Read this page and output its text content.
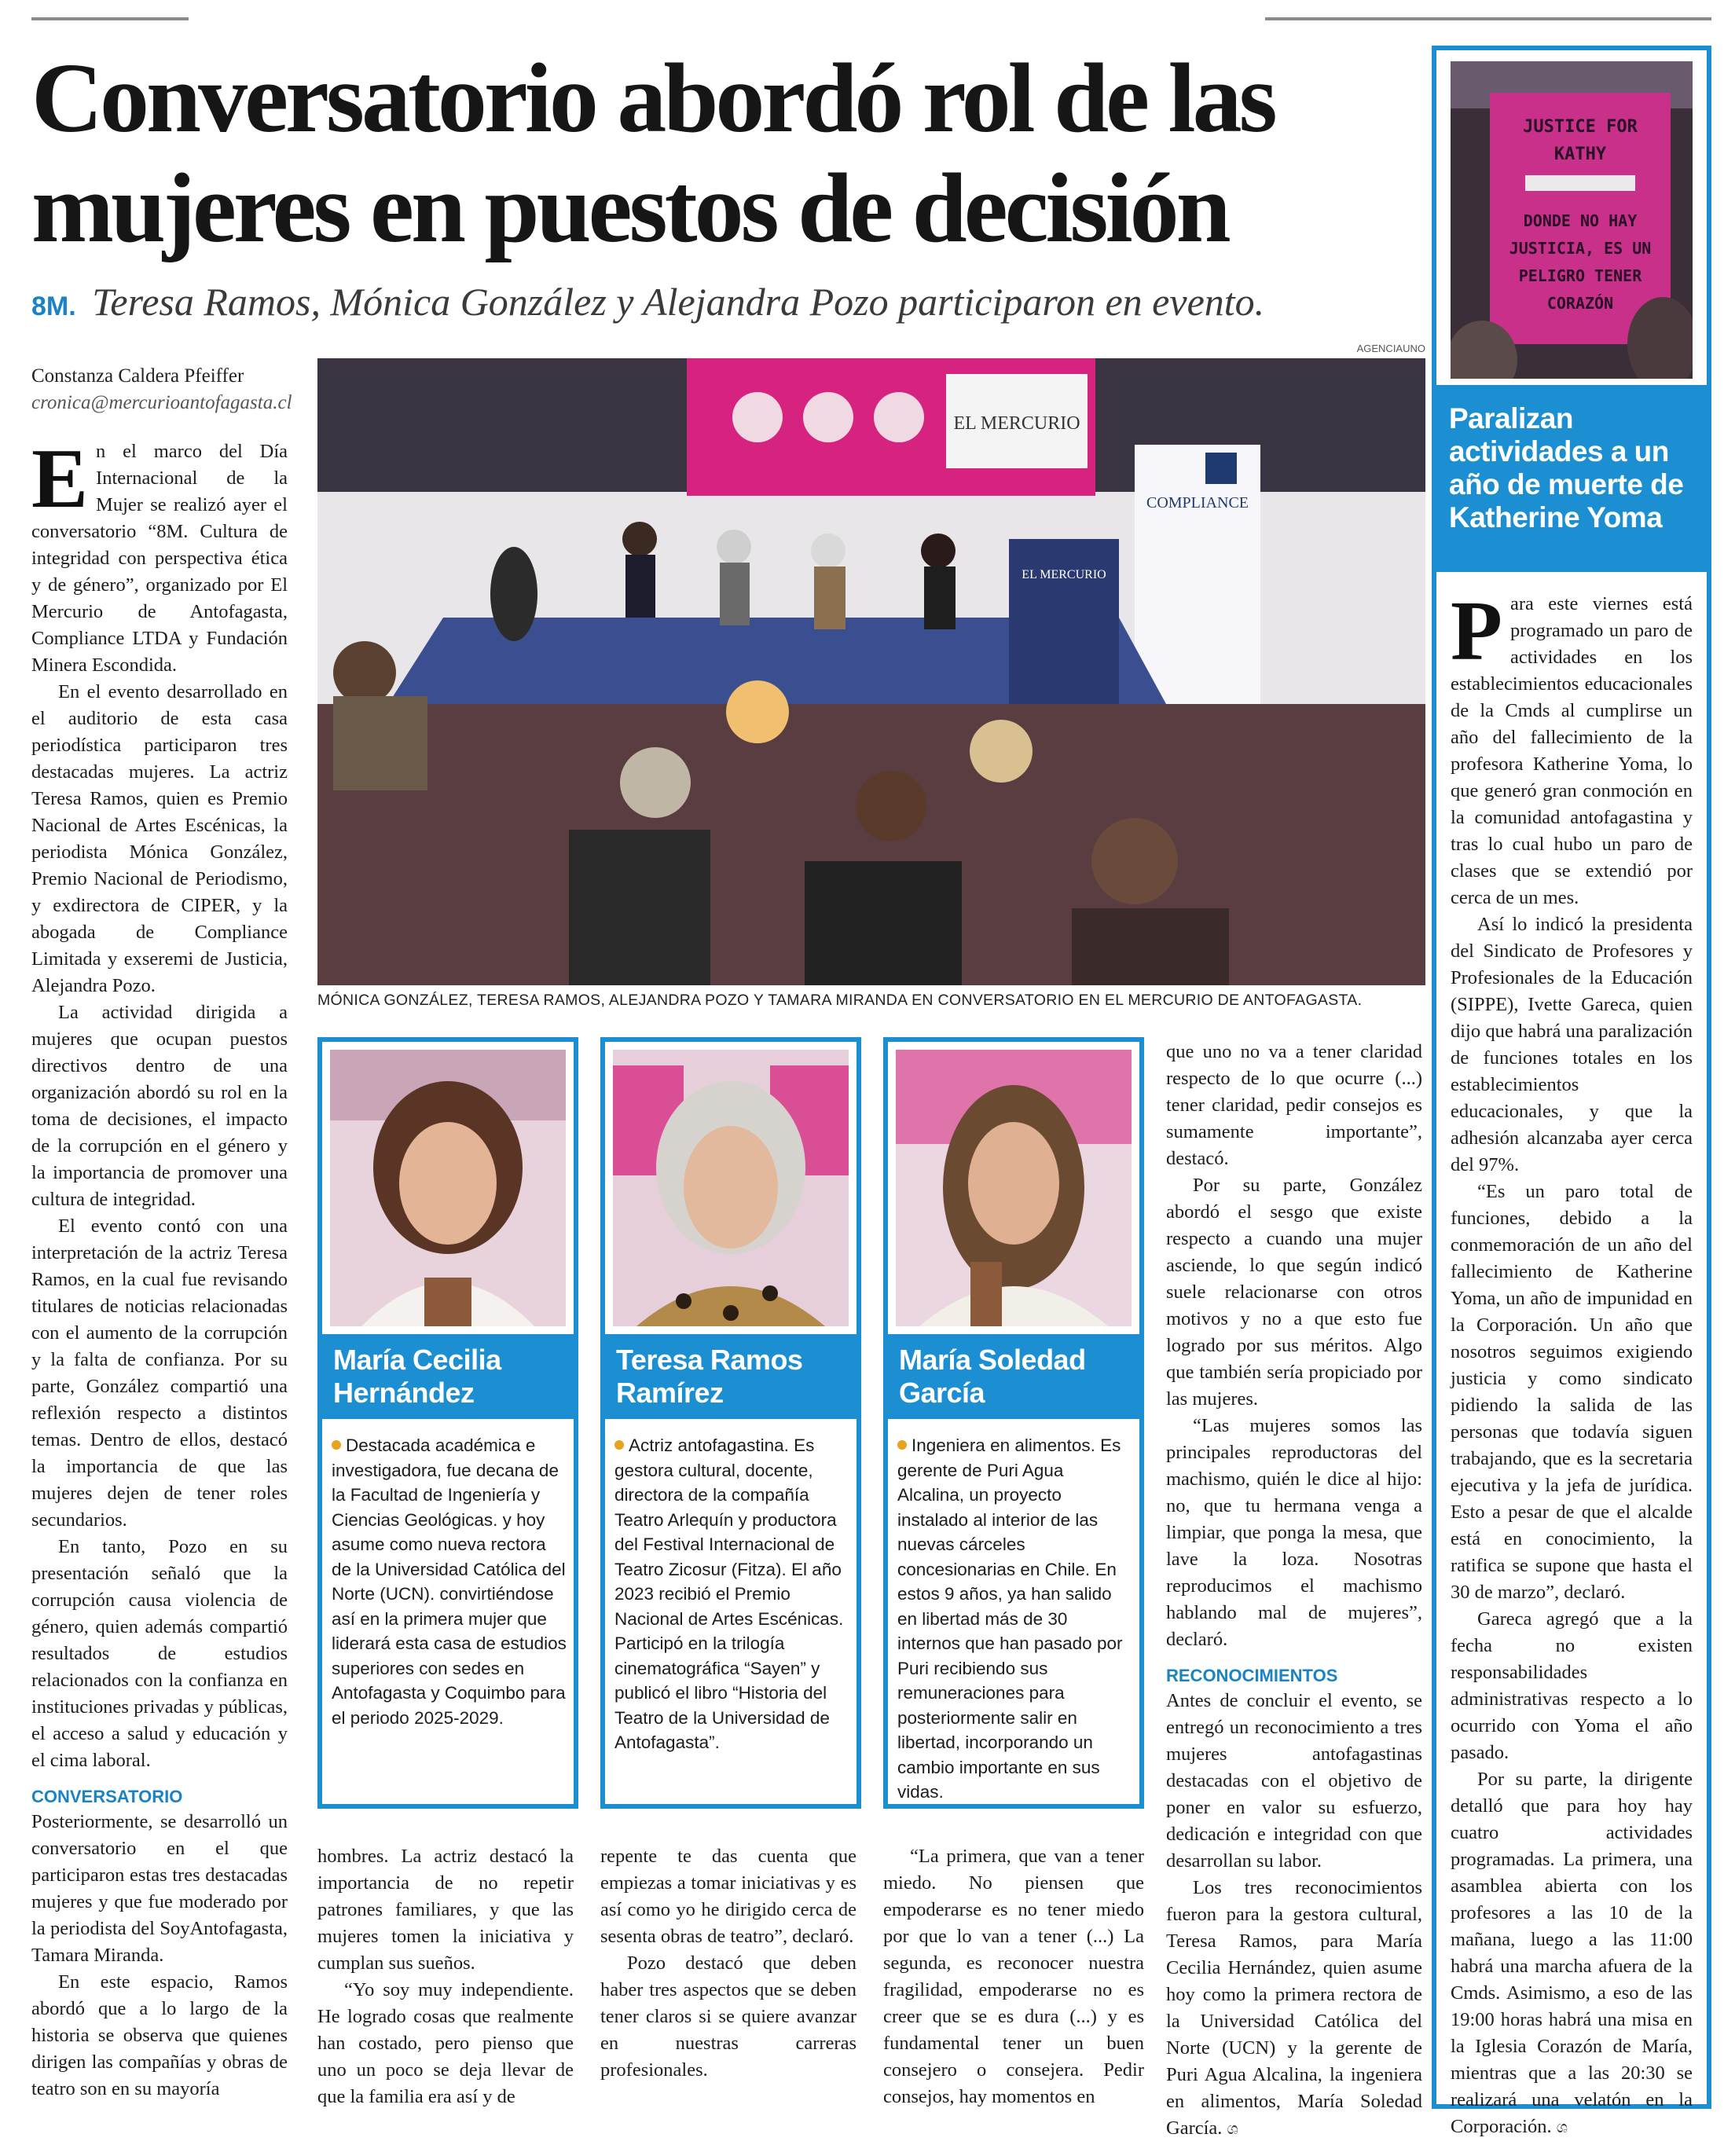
Conversatorio abordó rol de las mujeres en puestos de decisión
8M. Teresa Ramos, Mónica González y Alejandra Pozo participaron en evento.
Constanza Caldera Pfeiffer
cronica@mercurioantofagasta.cl

En el marco del Día Internacional de la Mujer se realizó ayer el conversatorio “8M. Cultura de integridad con perspectiva ética y de género”, organizado por El Mercurio de Antofagasta, Compliance LTDA y Fundación Minera Escondida.

En el evento desarrollado en el auditorio de esta casa periodística participaron tres destacadas mujeres. La actriz Teresa Ramos, quien es Premio Nacional de Artes Escénicas, la periodista Mónica González, Premio Nacional de Periodismo, y exdirectora de CIPER, y la abogada de Compliance Limitada y exseremi de Justicia, Alejandra Pozo.

La actividad dirigida a mujeres que ocupan puestos directivos dentro de una organización abordó su rol en la toma de decisiones, el impacto de la corrupción en el género y la importancia de promover una cultura de integridad.

El evento contó con una interpretación de la actriz Teresa Ramos, en la cual fue revisando titulares de noticias relacionadas con el aumento de la corrupción y la falta de confianza. Por su parte, González compartió una reflexión respecto a distintos temas. Dentro de ellos, destacó la importancia de que las mujeres dejen de tener roles secundarios.

En tanto, Pozo en su presentación señaló que la corrupción causa violencia de género, quien además compartió resultados de estudios relacionados con la confianza en instituciones privadas y públicas, el acceso a salud y educación y el cima laboral.

CONVERSATORIO

Posteriormente, se desarrolló un conversatorio en el que participaron estas tres destacadas mujeres y que fue moderado por la periodista del SoyAntofagasta, Tamara Miranda.

En este espacio, Ramos abordó que a lo largo de la historia se observa que quienes dirigen las compañías y obras de teatro son en su mayoría

AGENCIAUNO
EL MERCURIO
COMPLIANCE
EL MERCURIO
MÓNICA GONZÁLEZ, TERESA RAMOS, ALEJANDRA POZO Y TAMARA MIRANDA EN CONVERSATORIO EN EL MERCURIO DE ANTOFAGASTA.
María Cecilia Hernández
Destacada académica e investigadora, fue decana de la Facultad de Ingeniería y Ciencias Geológicas. y hoy asume como nueva rectora de la Universidad Católica del Norte (UCN). convirtiéndose así en la primera mujer que liderará esta casa de estudios superiores con sedes en Antofagasta y Coquimbo para el periodo 2025-2029.
Teresa Ramos Ramírez
Actriz antofagastina. Es gestora cultural, docente, directora de la compañía Teatro Arlequín y productora del Festival Internacional de Teatro Zicosur (Fitza). El año 2023 recibió el Premio Nacional de Artes Escénicas. Participó en la trilogía cinematográfica “Sayen” y publicó el libro “Historia del Teatro de la Universidad de Antofagasta”.
María Soledad García
Ingeniera en alimentos. Es gerente de Puri Agua Alcalina, un proyecto instalado al interior de las nuevas cárceles concesionarias en Chile. En estos 9 años, ya han salido en libertad más de 30 internos que han pasado por Puri recibiendo sus remuneraciones para posteriormente salir en libertad, incorporando un cambio importante en sus vidas.

hombres. La actriz destacó la importancia de no repetir patrones familiares, y que las mujeres tomen la iniciativa y cumplan sus sueños.

“Yo soy muy independiente. He logrado cosas que realmente han costado, pero pienso que uno un poco se deja llevar de que la familia era así y de

repente te das cuenta que empiezas a tomar iniciativas y es así como yo he dirigido cerca de sesenta obras de teatro”, declaró.

Pozo destacó que deben haber tres aspectos que se deben tener claros si se quiere avanzar en nuestras carreras profesionales.

“La primera, que van a tener miedo. No piensen que empoderarse es no tener miedo por que lo van a tener (...) La segunda, es reconocer nuestra fragilidad, empoderarse no es creer que se es dura (...) y es fundamental tener un buen consejero o consejera. Pedir consejos, hay momentos en

que uno no va a tener claridad respecto de lo que ocurre (...) tener claridad, pedir consejos es sumamente importante”, destacó.

Por su parte, González abordó el sesgo que existe respecto a cuando una mujer asciende, lo que según indicó suele relacionarse con otros motivos y no a que esto fue logrado por sus méritos. Algo que también sería propiciado por las mujeres.

“Las mujeres somos las principales reproductoras del machismo, quién le dice al hijo: no, que tu hermana venga a limpiar, que ponga la mesa, que lave la loza. Nosotras reproducimos el machismo hablando mal de mujeres”, declaró.

RECONOCIMIENTOS

Antes de concluir el evento, se entregó un reconocimiento a tres mujeres antofagastinas destacadas con el objetivo de poner en valor su esfuerzo, dedicación e integridad con que desarrollan su labor.

Los tres reconocimientos fueron para la gestora cultural, Teresa Ramos, para María Cecilia Hernández, quien asume hoy como la primera rectora de la Universidad Católica del Norte (UCN) y la gerente de Puri Agua Alcalina, la ingeniera en alimentos, María Soledad García. ශ

JUSTICE FOR
KATHY
DONDE NO HAY
JUSTICIA, ES UN
PELIGRO TENER
CORAZÓN
Paralizan actividades a un año de muerte de Katherine Yoma

Para este viernes está programado un paro de actividades en los establecimientos educacionales de la Cmds al cumplirse un año del fallecimiento de la profesora Katherine Yoma, lo que generó gran conmoción en la comunidad antofagastina y tras lo cual hubo un paro de clases que se extendió por cerca de un mes.

Así lo indicó la presidenta del Sindicato de Profesores y Profesionales de la Educación (SIPPE), Ivette Gareca, quien dijo que habrá una paralización de funciones totales en los establecimientos educacionales, y que la adhesión alcanzaba ayer cerca del 97%.

“Es un paro total de funciones, debido a la conmemoración de un año del fallecimiento de Katherine Yoma, un año de impunidad en la Corporación. Un año que nosotros seguimos exigiendo justicia y como sindicato pidiendo la salida de las personas que todavía siguen trabajando, que es la secretaria ejecutiva y la jefa de jurídica. Esto a pesar de que el alcalde está en conocimiento, la ratifica se supone que hasta el 30 de marzo”, declaró.

Gareca agregó que a la fecha no existen responsabilidades administrativas respecto a lo ocurrido con Yoma el año pasado.

Por su parte, la dirigente detalló que para hoy hay cuatro actividades programadas. La primera, una asamblea abierta con los profesores a las 10 de la mañana, luego a las 11:00 habrá una marcha afuera de la Cmds. Asimismo, a eso de las 19:00 horas habrá una misa en la Iglesia Corazón de María, mientras que a las 20:30 se realizará una velatón en la Corporación. ශ
